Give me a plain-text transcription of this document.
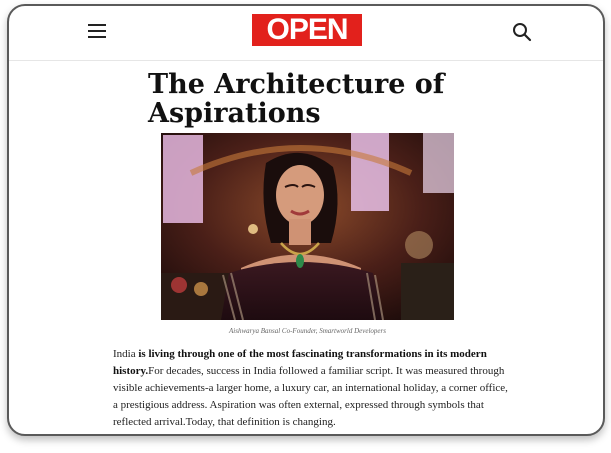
OPEN
The Architecture of Aspirations
Aishwarya Bansal Co-Founder, Smartworld Developers

India is living through one of the most fascinating transformations in its modern history.For decades, success in India followed a familiar script. It was measured through visible achievements-a larger home, a luxury car, an international holiday, a corner office, a prestigious address. Aspiration was often external, expressed through symbols that reflected arrival.Today, that definition is changing.
